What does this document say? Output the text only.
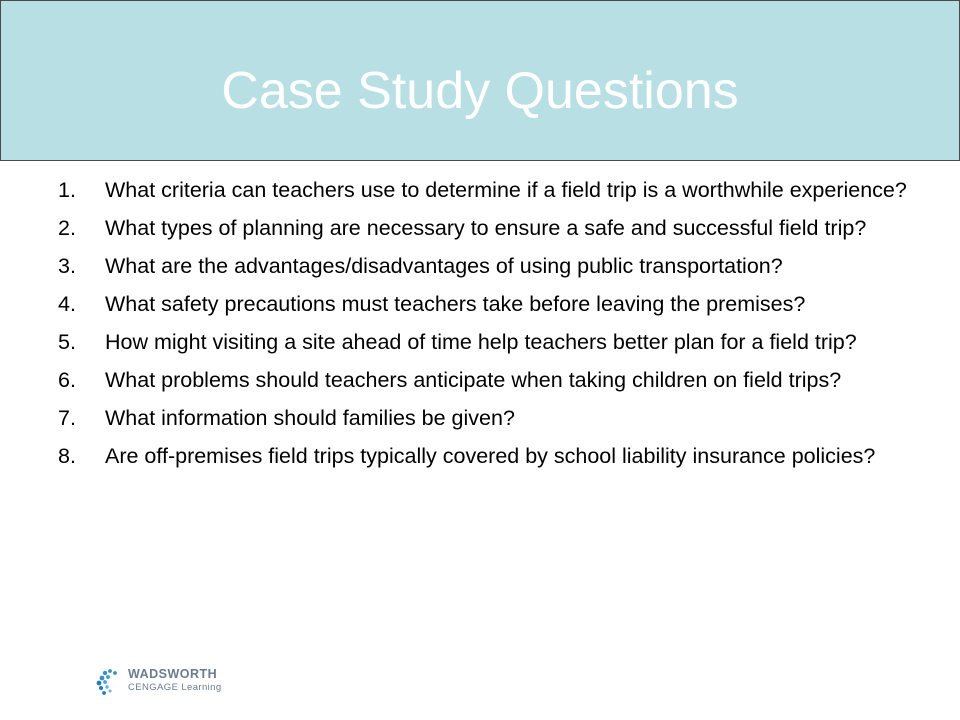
Case Study Questions
1. What criteria can teachers use to determine if a field trip is a worthwhile experience?
2. What types of planning are necessary to ensure a safe and successful field trip?
3. What are the advantages/disadvantages of using public transportation?
4. What safety precautions must teachers take before leaving the premises?
5. How might visiting a site ahead of time help teachers better plan for a field trip?
6. What problems should teachers anticipate when taking children on field trips?
7. What information should families be given?
8. Are off-premises field trips typically covered by school liability insurance policies?
WADSWORTH
CENGAGE Learning
